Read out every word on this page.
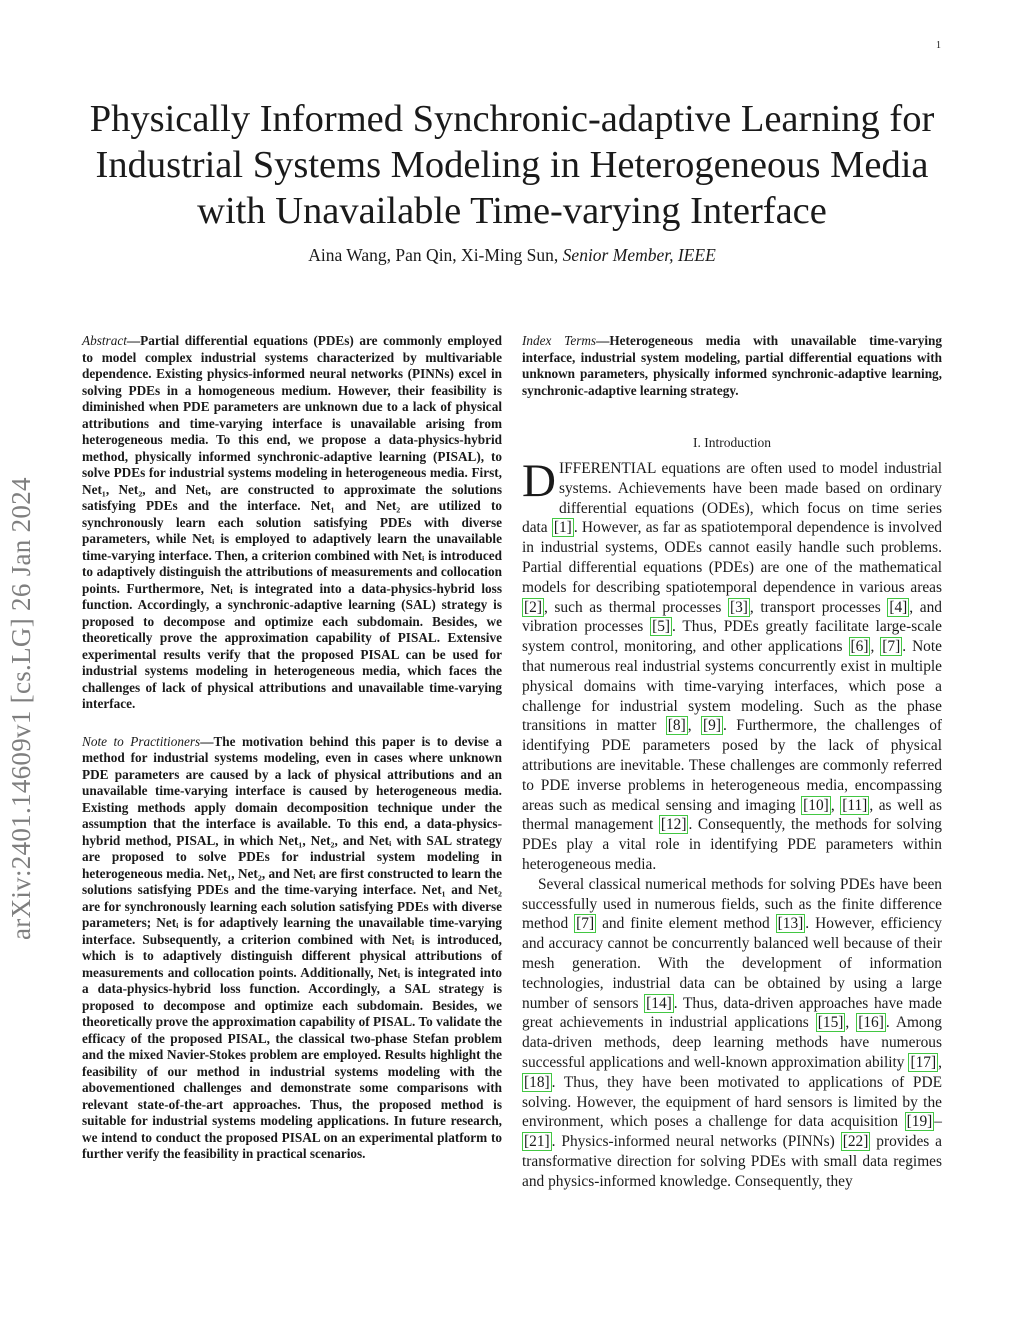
1
arXiv:2401.14609v1 [cs.LG] 26 Jan 2024
Physically Informed Synchronic-adaptive Learning for Industrial Systems Modeling in Heterogeneous Media with Unavailable Time-varying Interface
Aina Wang, Pan Qin, Xi-Ming Sun, Senior Member, IEEE

Abstract—Partial differential equations (PDEs) are commonly employed to model complex industrial systems characterized by multivariable dependence. Existing physics-informed neural networks (PINNs) excel in solving PDEs in a homogeneous medium. However, their feasibility is diminished when PDE parameters are unknown due to a lack of physical attributions and time-varying interface is unavailable arising from heterogeneous media. To this end, we propose a data-physics-hybrid method, physically informed synchronic-adaptive learning (PISAL), to solve PDEs for industrial systems modeling in heterogeneous media. First, Net₁, Net₂, and Netᵢ, are constructed to approximate the solutions satisfying PDEs and the interface. Net₁ and Net₂ are utilized to synchronously learn each solution satisfying PDEs with diverse parameters, while Netᵢ is employed to adaptively learn the unavailable time-varying interface. Then, a criterion combined with Netᵢ is introduced to adaptively distinguish the attributions of measurements and collocation points. Furthermore, Netᵢ is integrated into a data-physics-hybrid loss function. Accordingly, a synchronic-adaptive learning (SAL) strategy is proposed to decompose and optimize each subdomain. Besides, we theoretically prove the approximation capability of PISAL. Extensive experimental results verify that the proposed PISAL can be used for industrial systems modeling in heterogeneous media, which faces the challenges of lack of physical attributions and unavailable time-varying interface.

Note to Practitioners—The motivation behind this paper is to devise a method for industrial systems modeling, even in cases where unknown PDE parameters are caused by a lack of physical attributions and an unavailable time-varying interface is caused by heterogeneous media. Existing methods apply domain decomposition technique under the assumption that the interface is available. To this end, a data-physics-hybrid method, PISAL, in which Net₁, Net₂, and Netᵢ with SAL strategy are proposed to solve PDEs for industrial system modeling in heterogeneous media. Net₁, Net₂, and Netᵢ are first constructed to learn the solutions satisfying PDEs and the time-varying interface. Net₁ and Net₂ are for synchronously learning each solution satisfying PDEs with diverse parameters; Netᵢ is for adaptively learning the unavailable time-varying interface. Subsequently, a criterion combined with Netᵢ is introduced, which is to adaptively distinguish different physical attributions of measurements and collocation points. Additionally, Netᵢ is integrated into a data-physics-hybrid loss function. Accordingly, a SAL strategy is proposed to decompose and optimize each subdomain. Besides, we theoretically prove the approximation capability of PISAL. To validate the efficacy of the proposed PISAL, the classical two-phase Stefan problem and the mixed Navier-Stokes problem are employed. Results highlight the feasibility of our method in industrial systems modeling with the abovementioned challenges and demonstrate some comparisons with relevant state-of-the-art approaches. Thus, the proposed method is suitable for industrial systems modeling applications. In future research, we intend to conduct the proposed PISAL on an experimental platform to further verify the feasibility in practical scenarios.

Index Terms—Heterogeneous media with unavailable time-varying interface, industrial system modeling, partial differential equations with unknown parameters, physically informed synchronic-adaptive learning, synchronic-adaptive learning strategy.

I. Introduction

DIFFERENTIAL equations are often used to model industrial systems. Achievements have been made based on ordinary differential equations (ODEs), which focus on time series data [1] . However, as far as spatiotemporal dependence is involved in industrial systems, ODEs cannot easily handle such problems. Partial differential equations (PDEs) are one of the mathematical models for describing spatiotemporal dependence in various areas [2] , such as thermal processes [3] , transport processes [4] , and vibration processes [5] . Thus, PDEs greatly facilitate large-scale system control, monitoring, and other applications [6] , [7] . Note that numerous real industrial systems concurrently exist in multiple physical domains with time-varying interfaces, which pose a challenge for industrial system modeling. Such as the phase transitions in matter [8] , [9] . Furthermore, the challenges of identifying PDE parameters posed by the lack of physical attributions are inevitable. These challenges are commonly referred to PDE inverse problems in heterogeneous media, encompassing areas such as medical sensing and imaging [10] , [11] , as well as thermal management [12] . Consequently, the methods for solving PDEs play a vital role in identifying PDE parameters within heterogeneous media.

Several classical numerical methods for solving PDEs have been successfully used in numerous fields, such as the finite difference method [7] and finite element method [13] . However, efficiency and accuracy cannot be concurrently balanced well because of their mesh generation. With the development of information technologies, industrial data can be obtained by using a large number of sensors [14] . Thus, data-driven approaches have made great achievements in industrial applications [15] , [16] . Among data-driven methods, deep learning methods have numerous successful applications and well-known approximation ability [17] , [18] . Thus, they have been motivated to applications of PDE solving. However, the equipment of hard sensors is limited by the environment, which poses a challenge for data acquisition [19] –[21] . Physics-informed neural networks (PINNs) [22] provides a transformative direction for solving PDEs with small data regimes and physics-informed knowledge. Consequently, they
